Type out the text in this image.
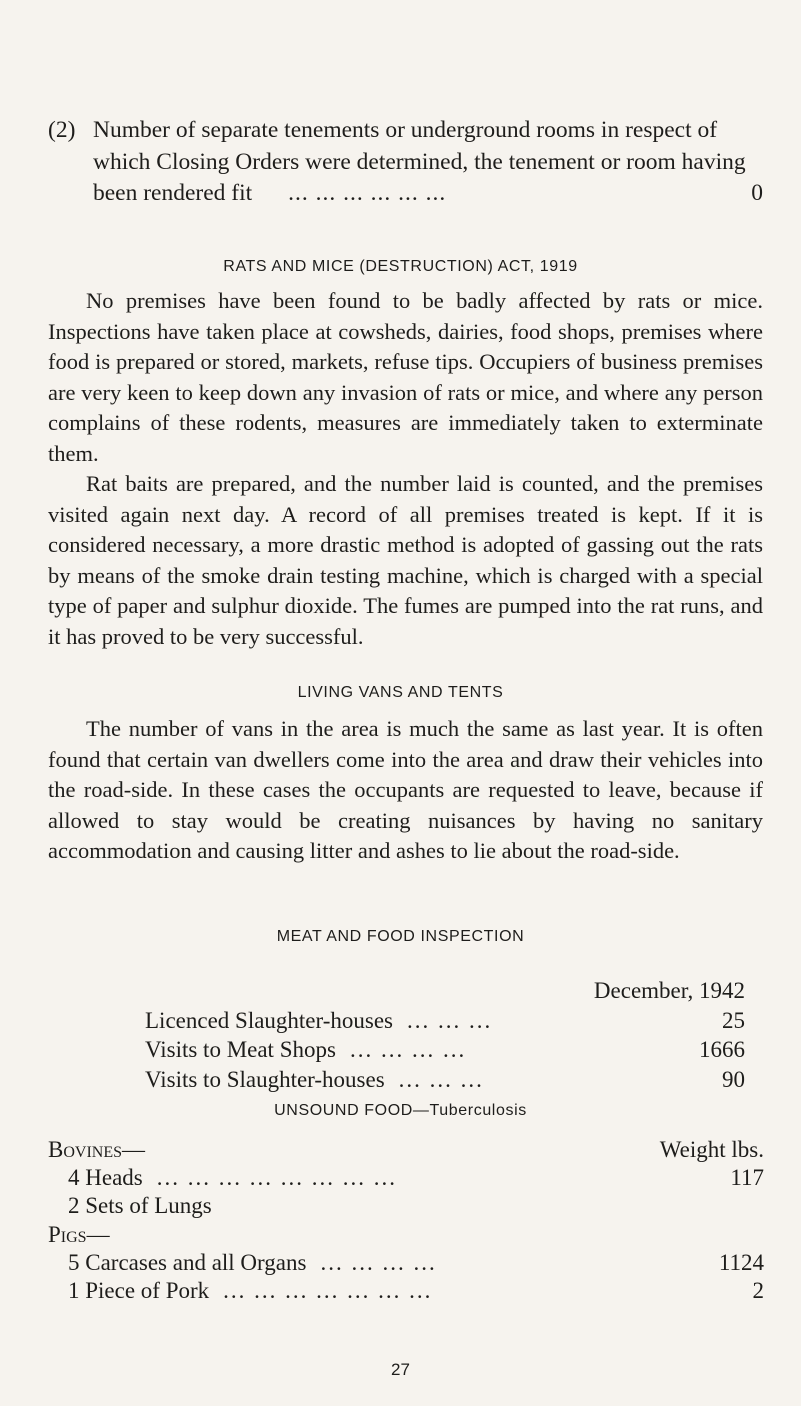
(2) Number of separate tenements or underground rooms in respect of which Closing Orders were determined, the tenement or room having been rendered fit ... ... ... ... ... ...	0
RATS AND MICE (DESTRUCTION) ACT, 1919

No premises have been found to be badly affected by rats or mice. Inspections have taken place at cowsheds, dairies, food shops, premises where food is prepared or stored, markets, refuse tips. Occupiers of business premises are very keen to keep down any invasion of rats or mice, and where any person complains of these rodents, measures are immediately taken to exterminate them.

Rat baits are prepared, and the number laid is counted, and the premises visited again next day. A record of all premises treated is kept. If it is considered necessary, a more drastic method is adopted of gassing out the rats by means of the smoke drain testing machine, which is charged with a special type of paper and sulphur dioxide. The fumes are pumped into the rat runs, and it has proved to be very successful.

LIVING VANS AND TENTS

The number of vans in the area is much the same as last year. It is often found that certain van dwellers come into the area and draw their vehicles into the road-side. In these cases the occupants are requested to leave, because if allowed to stay would be creating nuisances by having no sanitary accommodation and causing litter and ashes to lie about the road-side.

MEAT AND FOOD INSPECTION
December, 1942
Licenced Slaughter-houses ... ... ...	25
Visits to Meat Shops ... ... ... ...	1666
Visits to Slaughter-houses ... ... ...	90
UNSOUND FOOD—Tuberculosis
Bovines—	Weight lbs.
4 Heads ... ... ... ... ... ... ... ...	117
2 Sets of Lungs
Pigs—
5 Carcases and all Organs ... ... ... ...	1124
1 Piece of Pork ... ... ... ... ... ... ...	2
27
